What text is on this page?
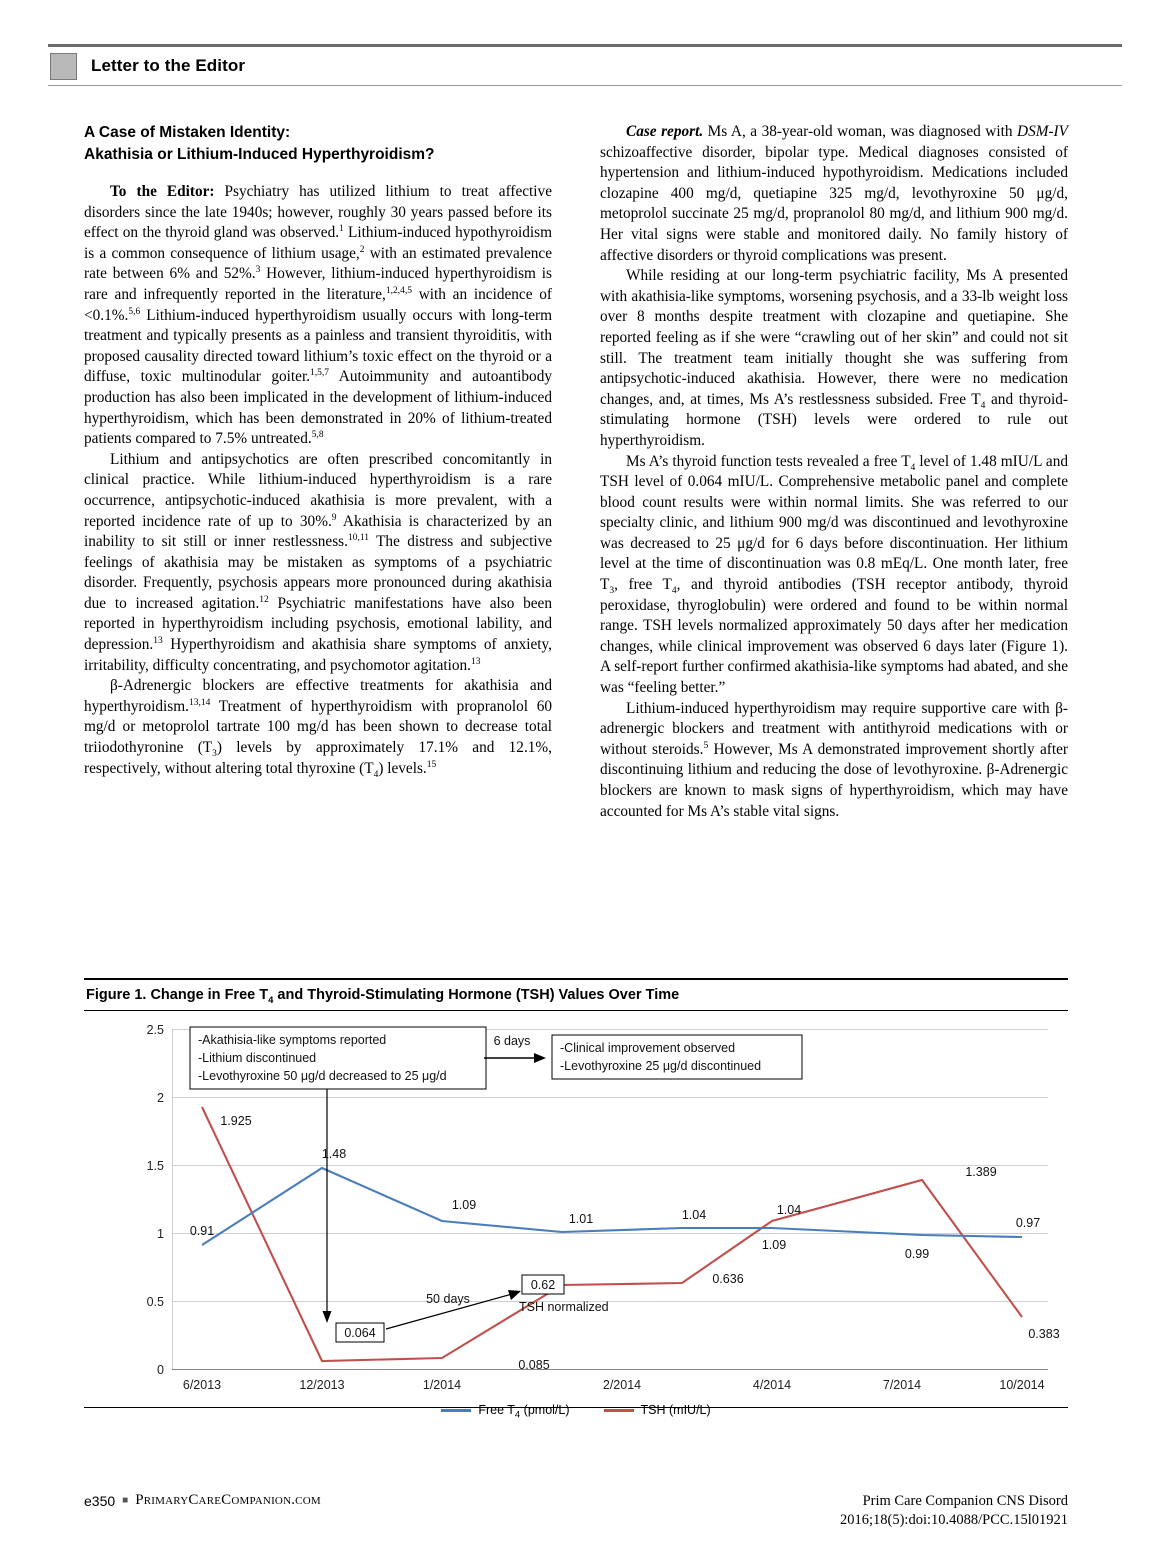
Letter to the Editor
A Case of Mistaken Identity:
Akathisia or Lithium-Induced Hyperthyroidism?

To the Editor: Psychiatry has utilized lithium to treat affective disorders since the late 1940s; however, roughly 30 years passed before its effect on the thyroid gland was observed.$^1$ Lithium-induced hypothyroidism is a common consequence of lithium usage,$^2$ with an estimated prevalence rate between 6% and 52%.$^3$ However, lithium-induced hyperthyroidism is rare and infrequently reported in the literature,$^{1,2,4,5}$ with an incidence of <0.1%.$^{5,6}$ Lithium-induced hyperthyroidism usually occurs with long-term treatment and typically presents as a painless and transient thyroiditis, with proposed causality directed toward lithium’s toxic effect on the thyroid or a diffuse, toxic multinodular goiter.$^{1,5,7}$ Autoimmunity and autoantibody production has also been implicated in the development of lithium-induced hyperthyroidism, which has been demonstrated in 20% of lithium-treated patients compared to 7.5% untreated.$^{5,8}$

Lithium and antipsychotics are often prescribed concomitantly in clinical practice. While lithium-induced hyperthyroidism is a rare occurrence, antipsychotic-induced akathisia is more prevalent, with a reported incidence rate of up to 30%.$^9$ Akathisia is characterized by an inability to sit still or inner restlessness.$^{10,11}$ The distress and subjective feelings of akathisia may be mistaken as symptoms of a psychiatric disorder. Frequently, psychosis appears more pronounced during akathisia due to increased agitation.$^{12}$ Psychiatric manifestations have also been reported in hyperthyroidism including psychosis, emotional lability, and depression.$^{13}$ Hyperthyroidism and akathisia share symptoms of anxiety, irritability, difficulty concentrating, and psychomotor agitation.$^{13}$

β-Adrenergic blockers are effective treatments for akathisia and hyperthyroidism.$^{13,14}$ Treatment of hyperthyroidism with propranolol 60 mg/d or metoprolol tartrate 100 mg/d has been shown to decrease total triiodothyronine $(T_3)$ levels by approximately 17.1% and 12.1%, respectively, without altering total thyroxine $(T_4)$ levels.$^{15}$

Case report. Ms A, a 38-year-old woman, was diagnosed with DSM-IV schizoaffective disorder, bipolar type. Medical diagnoses consisted of hypertension and lithium-induced hypothyroidism. Medications included clozapine 400 mg/d, quetiapine 325 mg/d, levothyroxine 50 μg/d, metoprolol succinate 25 mg/d, propranolol 80 mg/d, and lithium 900 mg/d. Her vital signs were stable and monitored daily. No family history of affective disorders or thyroid complications was present.

While residing at our long-term psychiatric facility, Ms A presented with akathisia-like symptoms, worsening psychosis, and a 33-lb weight loss over 8 months despite treatment with clozapine and quetiapine. She reported feeling as if she were “crawling out of her skin” and could not sit still. The treatment team initially thought she was suffering from antipsychotic-induced akathisia. However, there were no medication changes, and, at times, Ms A’s restlessness subsided. Free $T_4$ and thyroid-stimulating hormone (TSH) levels were ordered to rule out hyperthyroidism.

Ms A’s thyroid function tests revealed a free $T_4$ level of 1.48 mIU/L and TSH level of 0.064 mIU/L. Comprehensive metabolic panel and complete blood count results were within normal limits. She was referred to our specialty clinic, and lithium 900 mg/d was discontinued and levothyroxine was decreased to 25 μg/d for 6 days before discontinuation. Her lithium level at the time of discontinuation was 0.8 mEq/L. One month later, free $T_3$, free $T_4$, and thyroid antibodies (TSH receptor antibody, thyroid peroxidase, thyroglobulin) were ordered and found to be within normal range. TSH levels normalized approximately 50 days after her medication changes, while clinical improvement was observed 6 days later (Figure 1). A self-report further confirmed akathisia-like symptoms had abated, and she was “feeling better.”

Lithium-induced hyperthyroidism may require supportive care with β-adrenergic blockers and treatment with antithyroid medications with or without steroids.$^5$ However, Ms A demonstrated improvement shortly after discontinuing lithium and reducing the dose of levothyroxine. β-Adrenergic blockers are known to mask signs of hyperthyroidism, which may have accounted for Ms A’s stable vital signs.

Figure 1. Change in Free $T_4$ and Thyroid-Stimulating Hormone (TSH) Values Over Time
2.5
2
1.5
1
0.5
0
6/2013	12/2013	1/2014	2/2014	4/2014	7/2014	10/2014
1.925
0.085
0.636
1.09
1.389
0.383
0.91
1.48
1.09
1.01	1.04	1.04
0.99
0.97
0.064
0.62
-Akathisia-like symptoms reported
-Lithium discontinued
-Levothyroxine 50 μg/d decreased to 25 μg/d
6 days -Clinical improvement observed
-Levothyroxine 25 μg/d discontinued
50 days
TSH normalized
Free $T_4$ (pmol/L)	TSH (mIU/L)
e350 ■ PrimaryCareCompanion.com	Prim Care Companion CNS Disord
2016;18(5):doi:10.4088/PCC.15l01921
